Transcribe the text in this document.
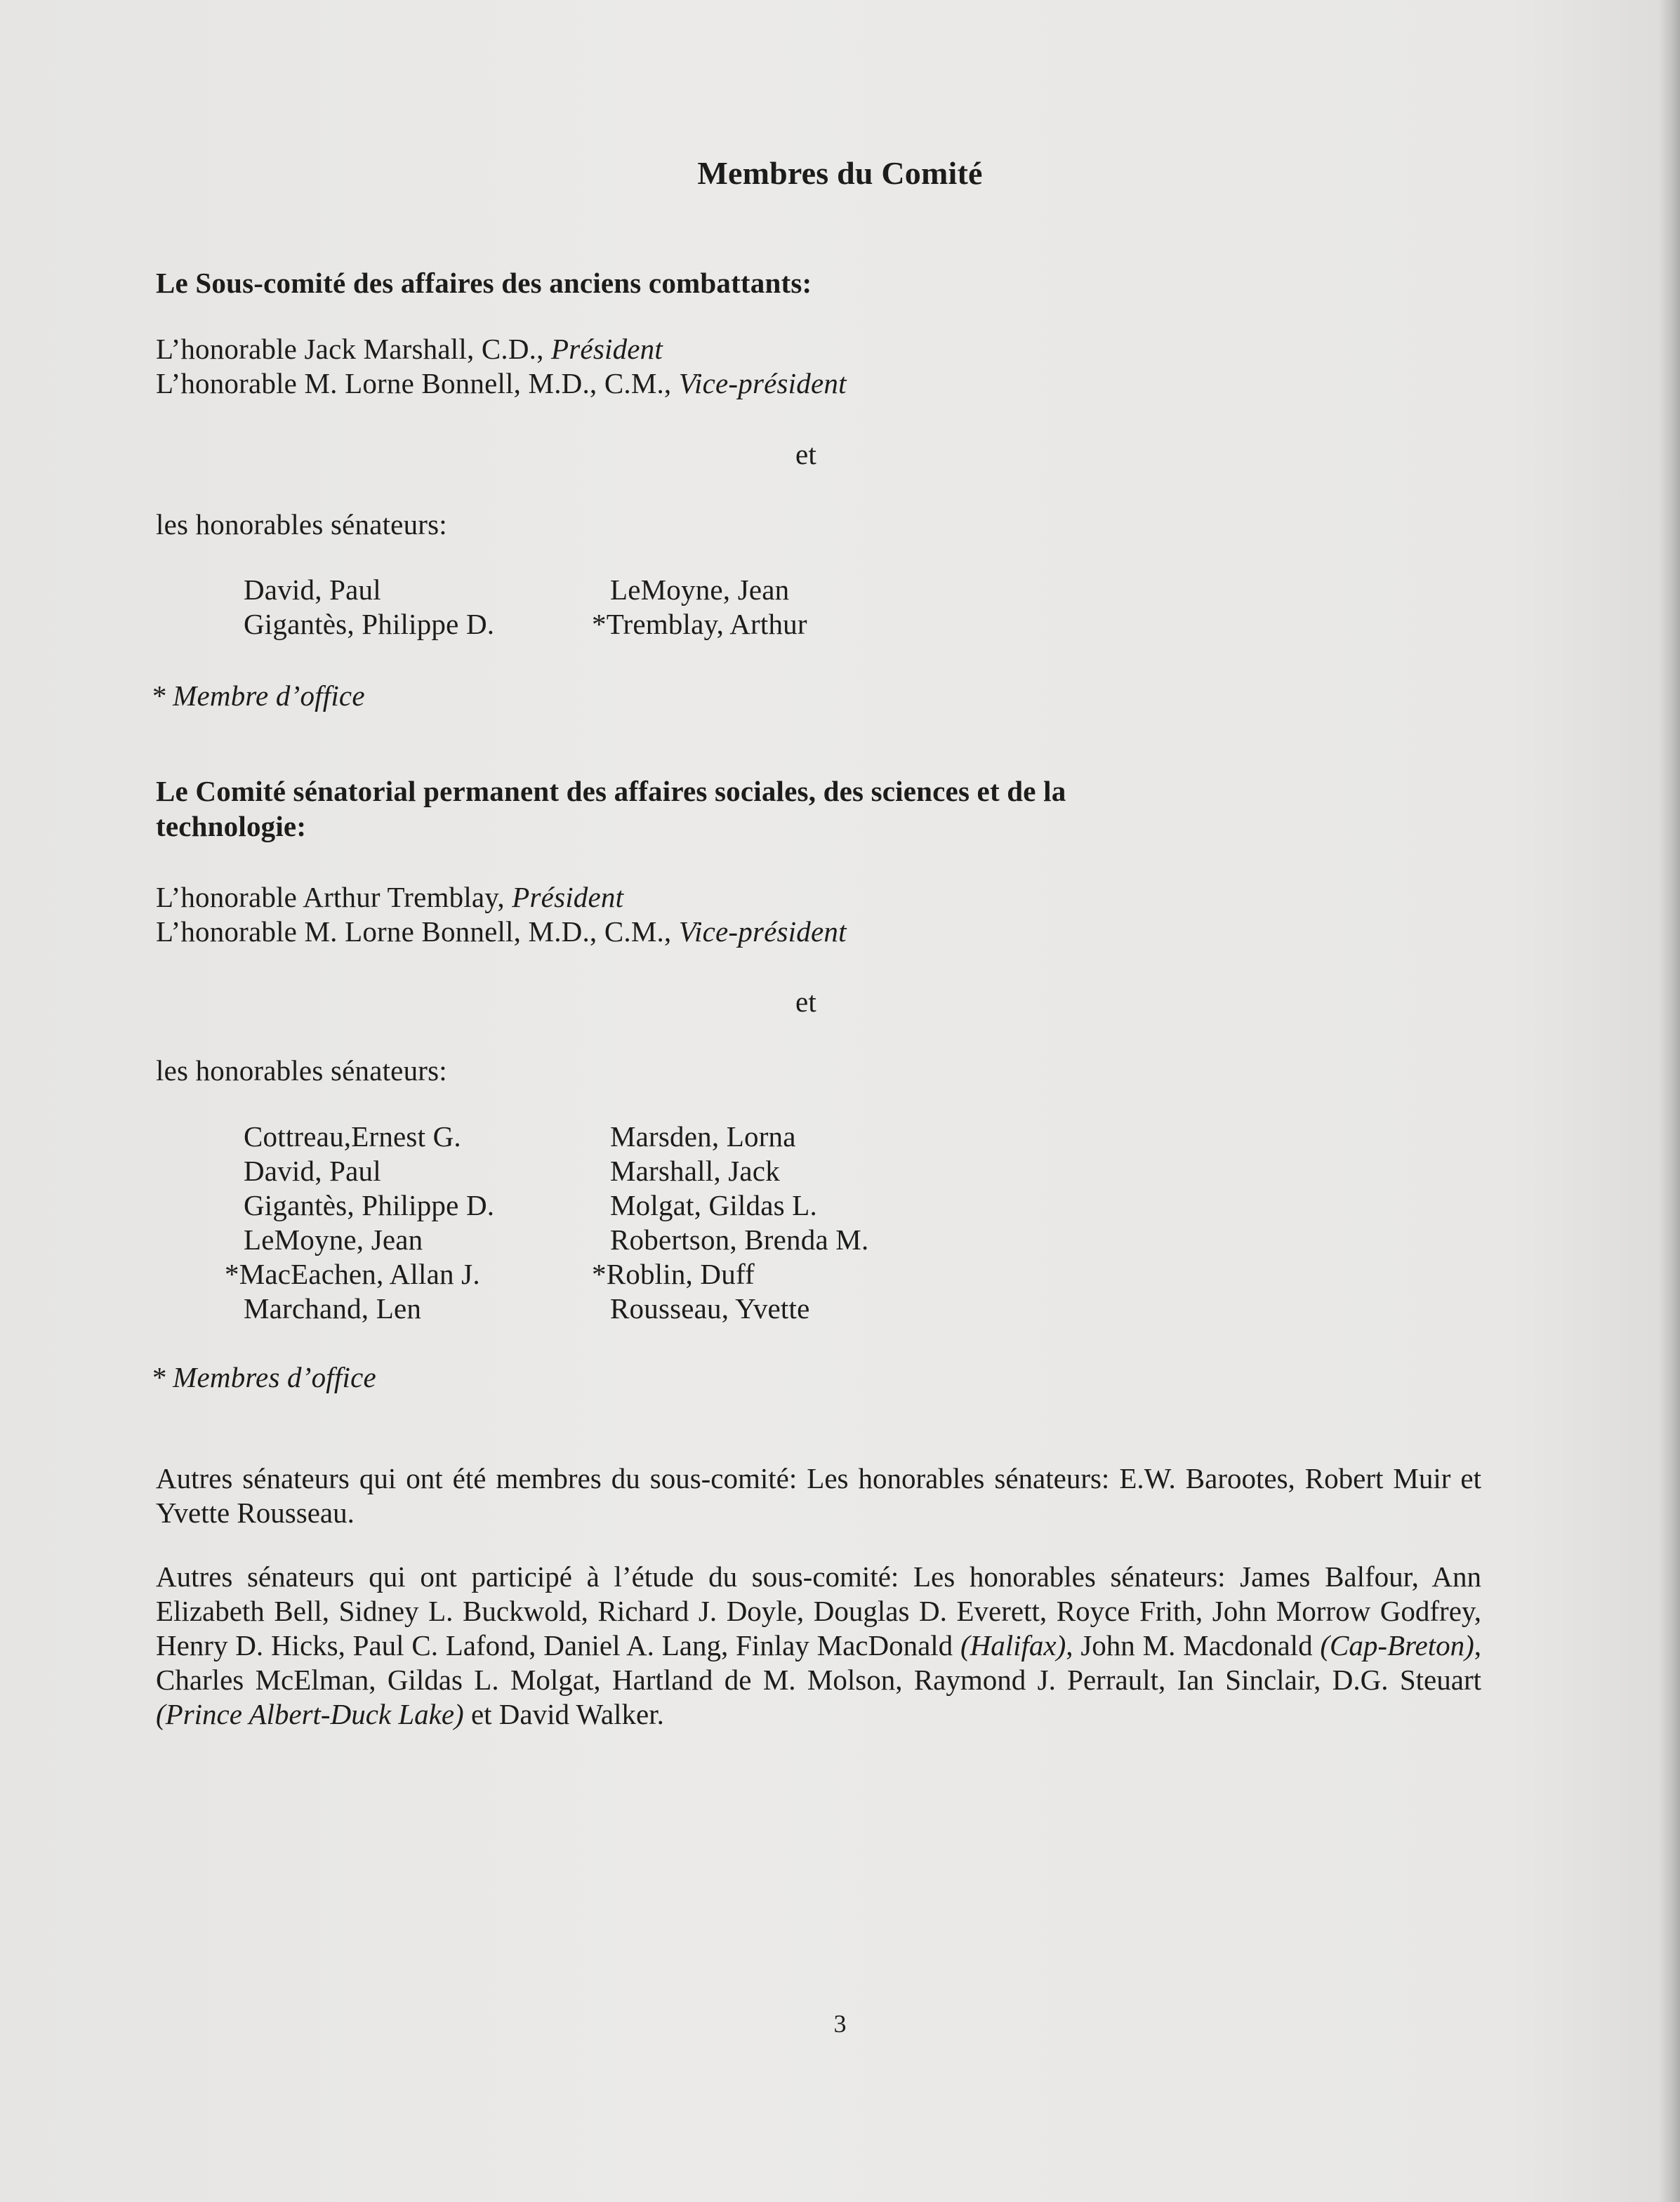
Membres du Comité
Le Sous-comité des affaires des anciens combattants:
L’honorable Jack Marshall, C.D., Président
L’honorable M. Lorne Bonnell, M.D., C.M., Vice-président
et
les honorables sénateurs:
David, Paul
Gigantès, Philippe D.
LeMoyne, Jean
*Tremblay, Arthur
* Membre d’office
Le Comité sénatorial permanent des affaires sociales, des sciences et de la
technologie:
L’honorable Arthur Tremblay, Président
L’honorable M. Lorne Bonnell, M.D., C.M., Vice-président
et
les honorables sénateurs:
Cottreau,Ernest G.
David, Paul
Gigantès, Philippe D.
LeMoyne, Jean
*MacEachen, Allan J.
Marchand, Len
Marsden, Lorna
Marshall, Jack
Molgat, Gildas L.
Robertson, Brenda M.
*Roblin, Duff
Rousseau, Yvette
* Membres d’office
Autres sénateurs qui ont été membres du sous-comité: Les honorables sénateurs: E.W. Barootes, Robert Muir et Yvette Rousseau.
Autres sénateurs qui ont participé à l’étude du sous-comité: Les honorables sénateurs: James Balfour, Ann Elizabeth Bell, Sidney L. Buckwold, Richard J. Doyle, Douglas D. Everett, Royce Frith, John Morrow Godfrey, Henry D. Hicks, Paul C. Lafond, Daniel A. Lang, Finlay MacDonald (Halifax), John M. Macdonald (Cap-Breton), Charles McElman, Gildas L. Molgat, Hartland de M. Molson, Raymond J. Perrault, Ian Sinclair, D.G. Steuart (Prince Albert-Duck Lake) et David Walker.
3
